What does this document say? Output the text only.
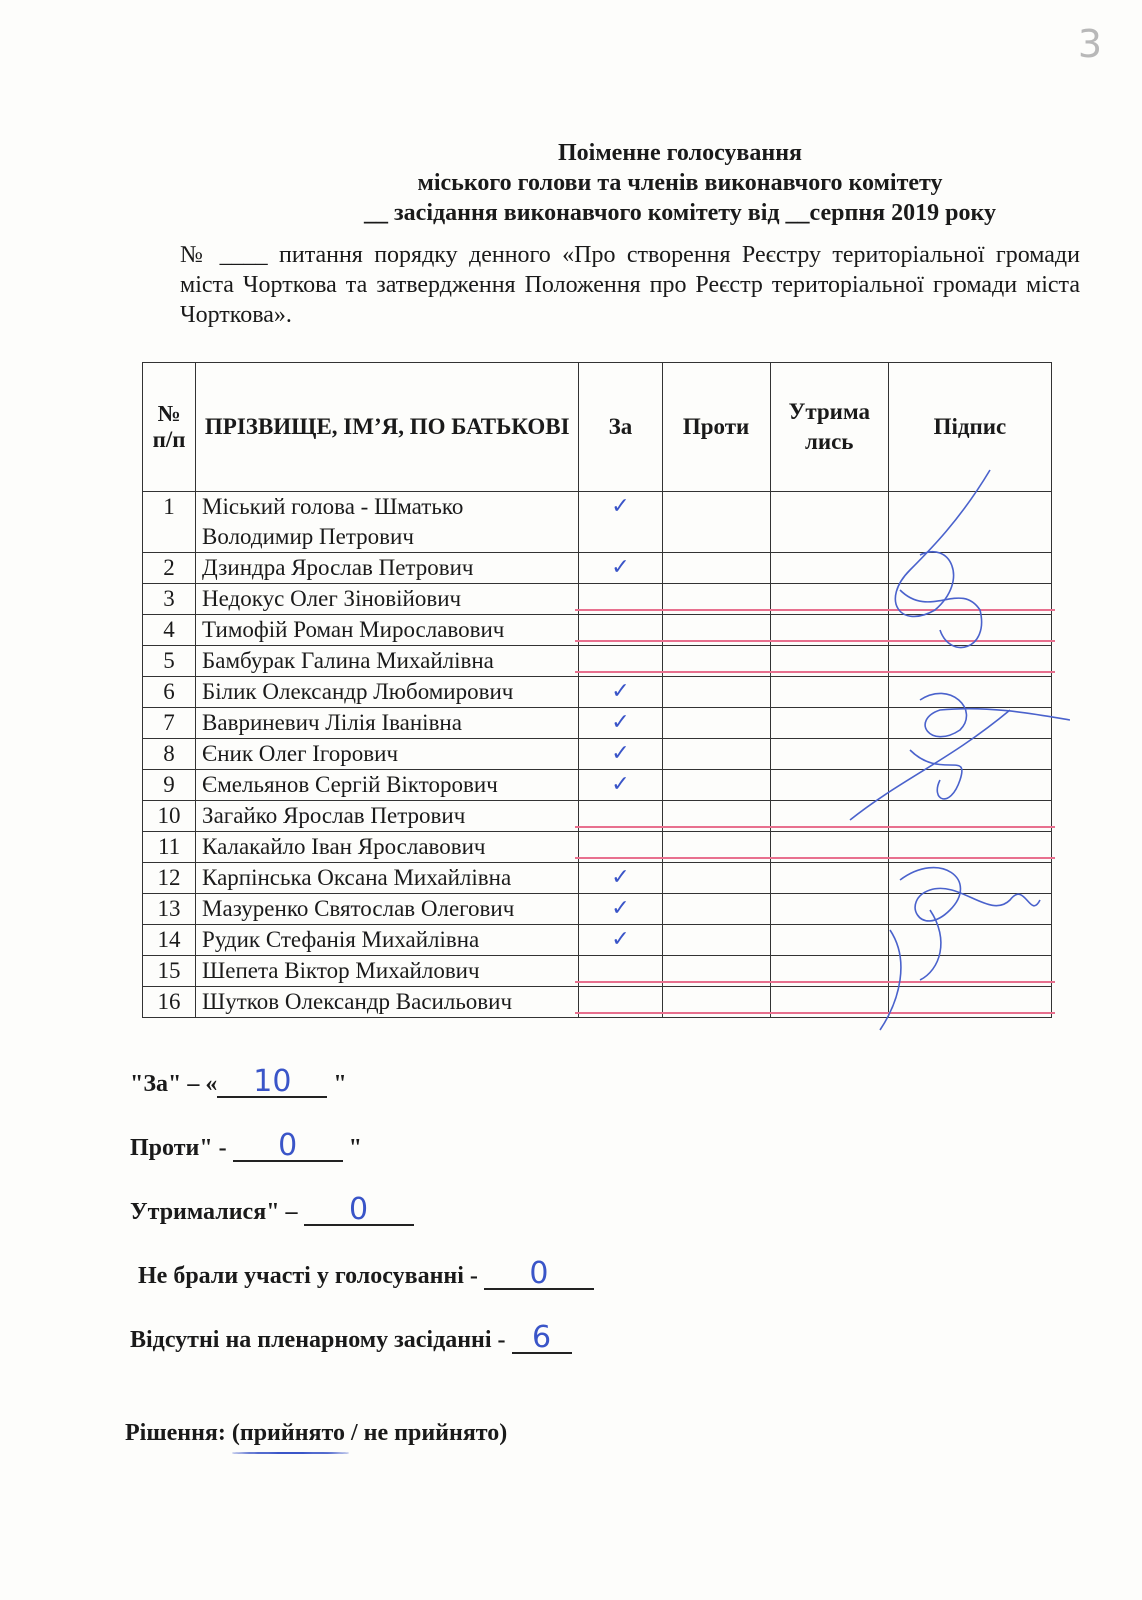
3
Поіменне голосування
міського голови та членів виконавчого комітету
__ засідання виконавчого комітету від __серпня 2019 року
№ ____ питання порядку денного «Про створення Реєстру територіальної громади міста Чорткова та затвердження Положення про Реєстр територіальної громади міста Чорткова».
№ п/п	ПРІЗВИЩЕ, ІМ’Я, ПО БАТЬКОВІ	За	Проти	Утрима лись	Підпис
1	Міський голова - Шматько Володимир Петрович	✓			
2	Дзиндра Ярослав Петрович	✓			
3	Недокус Олег Зіновійович	

4	Тимофій Роман Мирославович	

5	Бамбурак Галина Михайлівна	

6	Білик Олександр Любомирович	✓			
7	Вавриневич Лілія Іванівна	✓			
8	Єник Олег Ігорович	✓			
9	Ємельянов Сергій Вікторович	✓			
10	Загайко Ярослав Петрович	

11	Калакайло Іван Ярославович	

12	Карпінська Оксана Михайлівна	✓			
13	Мазуренко Святослав Олегович	✓			
14	Рудик Стефанія Михайлівна	✓			
15	Шепета Віктор Михайлович	

16	Шутков Олександр Васильович	

"За" – « 10 "
Проти" - 0 "
Утрималися" – 0
Не брали участі у голосуванні - 0
Відсутні на пленарному засіданні - 6
Рішення: (прийнято
/ не прийнято)
